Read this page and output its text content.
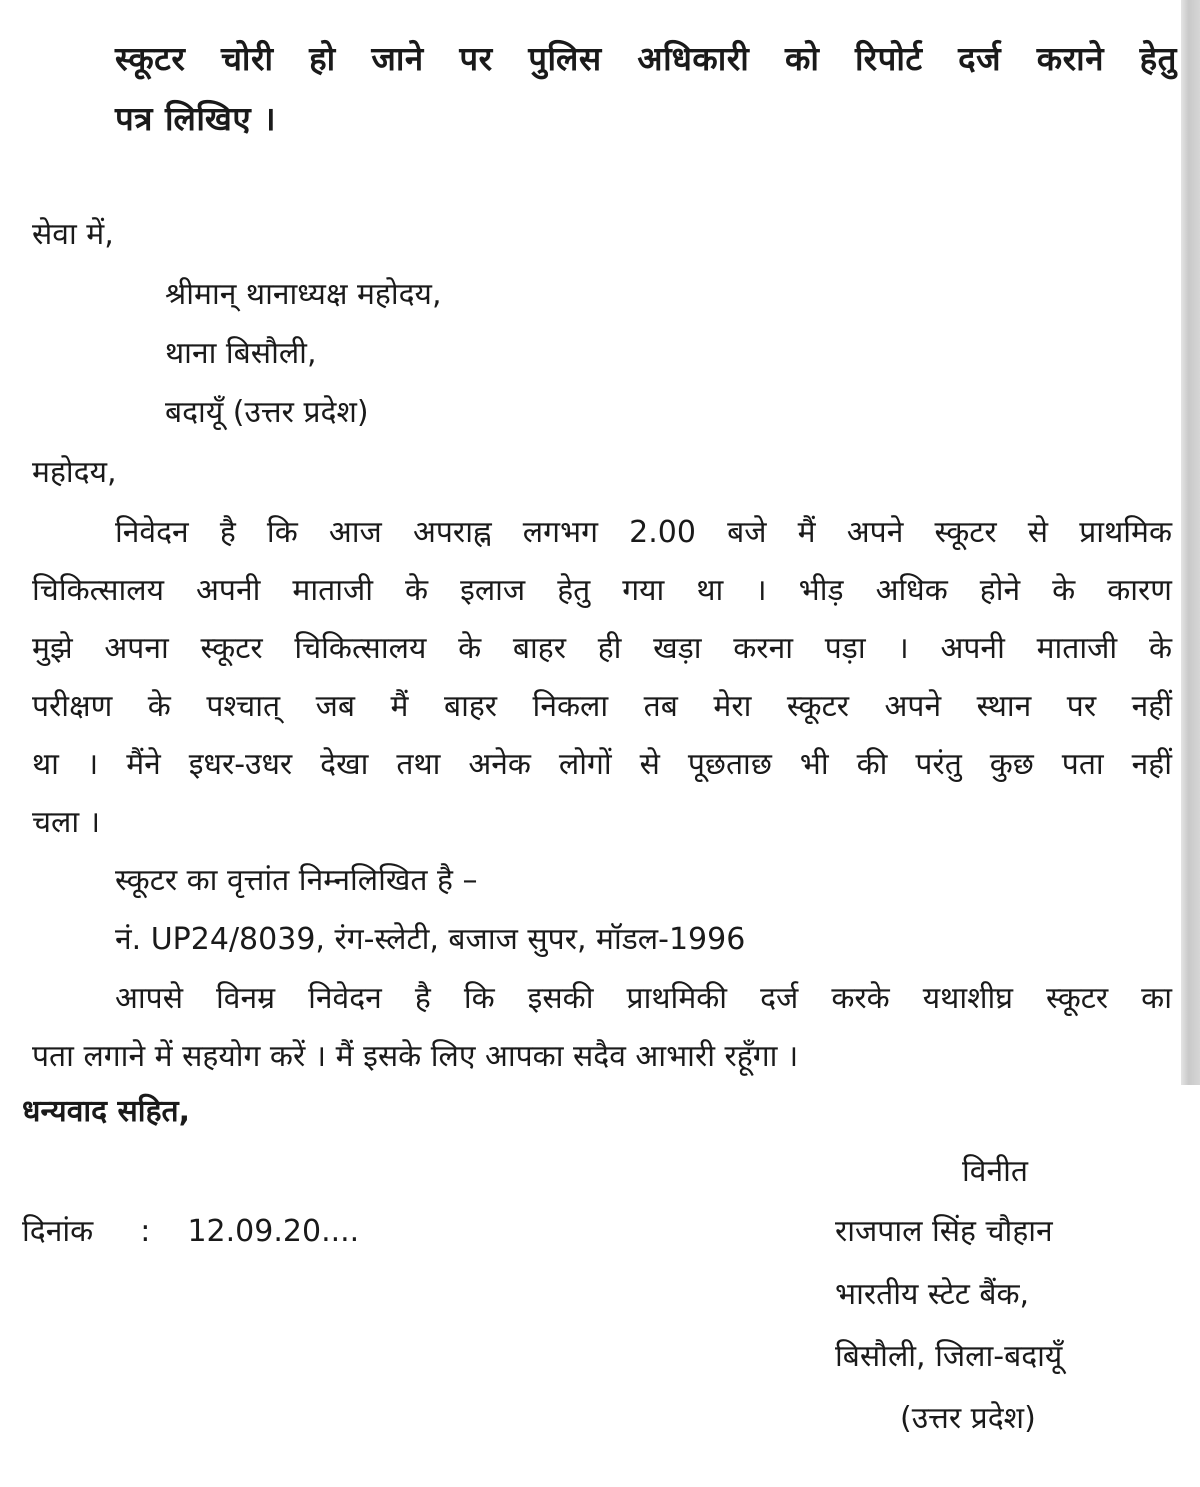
स्कूटर चोरी हो जाने पर पुलिस अधिकारी को रिपोर्ट दर्ज कराने हेतु
पत्र लिखिए ।
सेवा में,
श्रीमान् थानाध्यक्ष महोदय,
थाना बिसौली,
बदायूँ (उत्तर प्रदेश)
महोदय,
निवेदन है कि आज अपराह्न लगभग 2.00 बजे मैं अपने स्कूटर से प्राथमिक
चिकित्सालय अपनी माताजी के इलाज हेतु गया था । भीड़ अधिक होने के कारण
मुझे अपना स्कूटर चिकित्सालय के बाहर ही खड़ा करना पड़ा । अपनी माताजी के
परीक्षण के पश्चात् जब मैं बाहर निकला तब मेरा स्कूटर अपने स्थान पर नहीं
था । मैंने इधर-उधर देखा तथा अनेक लोगों से पूछताछ भी की परंतु कुछ पता नहीं
चला ।
स्कूटर का वृत्तांत निम्नलिखित है –
नं. UP24/8039, रंग-स्लेटी, बजाज सुपर, मॉडल-1996
आपसे विनम्र निवेदन है कि इसकी प्राथमिकी दर्ज करके यथाशीघ्र स्कूटर का
पता लगाने में सहयोग करें । मैं इसके लिए आपका सदैव आभारी रहूँगा ।
धन्यवाद सहित,
दिनांक : 12.09.20....
विनीत
राजपाल सिंह चौहान
भारतीय स्टेट बैंक,
बिसौली, जिला-बदायूँ
(उत्तर प्रदेश)
